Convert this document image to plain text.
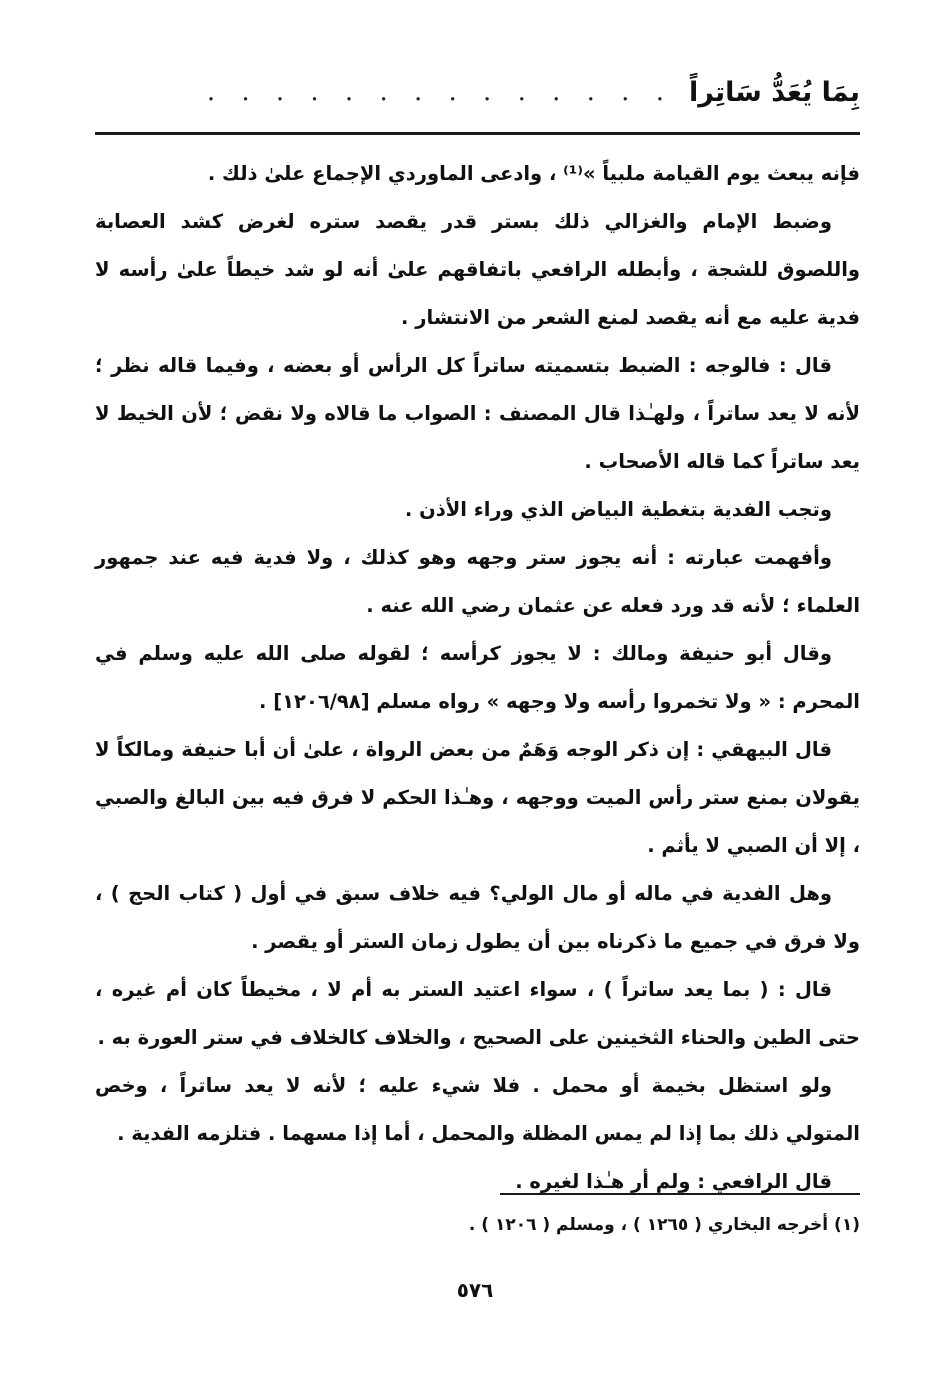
بِمَا يُعَدُّ سَاتِراً
. . . . . . . . . . . . . .

فإنه يبعث يوم القيامة ملبياً »⁽¹⁾ ، وادعى الماوردي الإجماع علىٰ ذلك .

وضبط الإمام والغزالي ذلك بستر قدر يقصد ستره لغرض كشد العصابة واللصوق للشجة ، وأبطله الرافعي باتفاقهم علىٰ أنه لو شد خيطاً علىٰ رأسه لا فدية عليه مع أنه يقصد لمنع الشعر من الانتشار .

قال : فالوجه : الضبط بتسميته ساتراً كل الرأس أو بعضه ، وفيما قاله نظر ؛ لأنه لا يعد ساتراً ، ولهـٰذا قال المصنف : الصواب ما قالاه ولا نقض ؛ لأن الخيط لا يعد ساتراً كما قاله الأصحاب .

وتجب الفدية بتغطية البياض الذي وراء الأذن .

وأفهمت عبارته : أنه يجوز ستر وجهه وهو كذلك ، ولا فدية فيه عند جمهور العلماء ؛ لأنه قد ورد فعله عن عثمان رضي الله عنه .

وقال أبو حنيفة ومالك : لا يجوز كرأسه ؛ لقوله صلى الله عليه وسلم في المحرم : « ولا تخمروا رأسه ولا وجهه » رواه مسلم [١٢٠٦/٩٨] .

قال البيهقي : إن ذكر الوجه وَهَمٌ من بعض الرواة ، علىٰ أن أبا حنيفة ومالكاً لا يقولان بمنع ستر رأس الميت ووجهه ، وهـٰذا الحكم لا فرق فيه بين البالغ والصبي ، إلا أن الصبي لا يأثم .

وهل الفدية في ماله أو مال الولي؟ فيه خلاف سبق في أول ( كتاب الحج ) ، ولا فرق في جميع ما ذكرناه بين أن يطول زمان الستر أو يقصر .

قال : ( بما يعد ساتراً ) ، سواء اعتيد الستر به أم لا ، مخيطاً كان أم غيره ، حتى الطين والحناء الثخينين على الصحيح ، والخلاف كالخلاف في ستر العورة به .

ولو استظل بخيمة أو محمل . فلا شيء عليه ؛ لأنه لا يعد ساتراً ، وخص المتولي ذلك بما إذا لم يمس المظلة والمحمل ، أما إذا مسهما . فتلزمه الفدية .

قال الرافعي : ولم أر هـٰذا لغيره .

(١) أخرجه البخاري ( ١٢٦٥ ) ، ومسلم ( ١٢٠٦ ) .
٥٧٦
